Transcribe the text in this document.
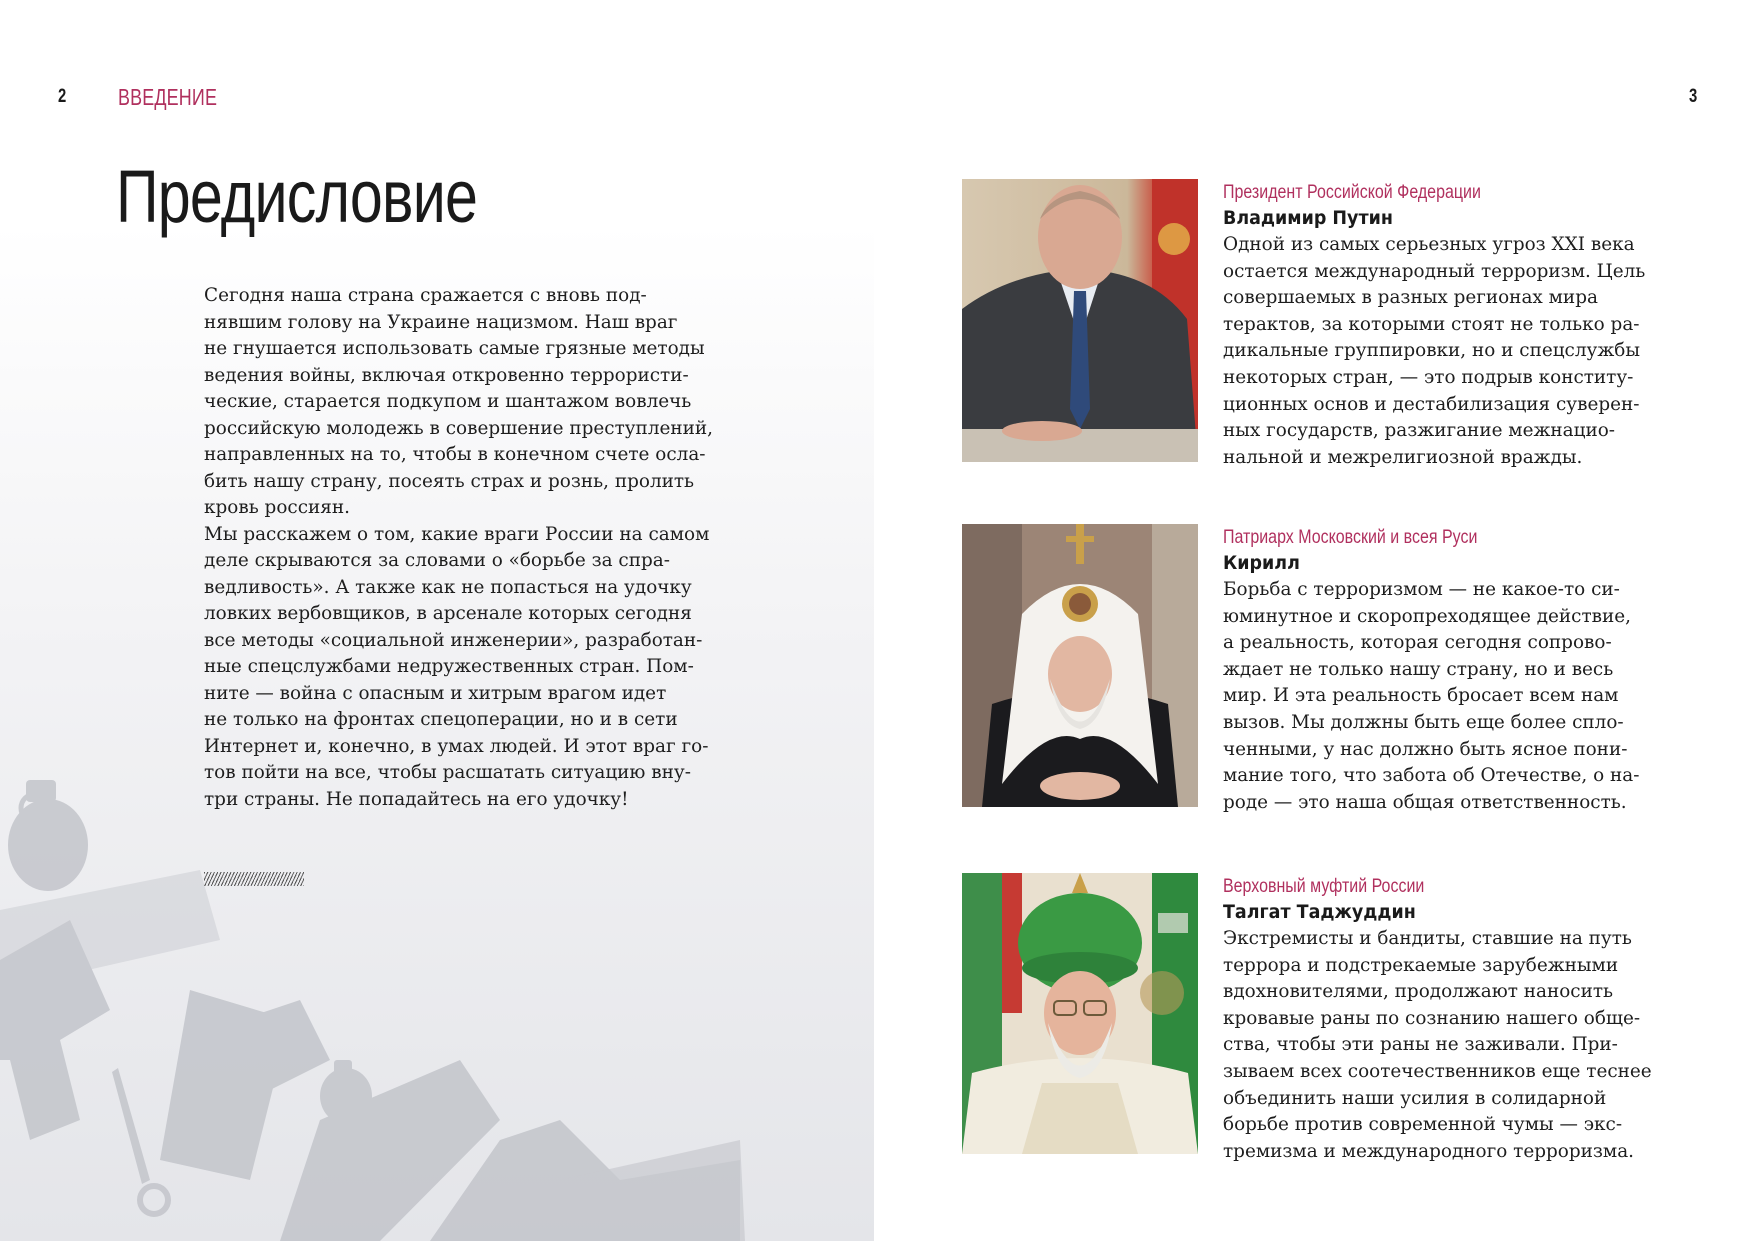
2 ВВЕДЕНИЕ
Предисловие

Сегодня наша страна сражается с вновь под-
нявшим голову на Украине нацизмом. Наш враг
не гнушается использовать самые грязные методы
ведения войны, включая откровенно террористи-
ческие, старается подкупом и шантажом вовлечь
российскую молодежь в совершение преступлений,
направленных на то, чтобы в конечном счете осла-
бить нашу страну, посеять страх и рознь, пролить
кровь россиян.

Мы расскажем о том, какие враги России на самом
деле скрываются за словами о «борьбе за спра-
ведливость». А также как не попасться на удочку
ловких вербовщиков, в арсенале которых сегодня
все методы «социальной инженерии», разработан-
ные спецслужбами недружественных стран. Пом-
ните — война с опасным и хитрым врагом идет
не только на фронтах спецоперации, но и в сети
Интернет и, конечно, в умах людей. И этот враг го-
тов пойти на все, чтобы расшатать ситуацию вну-
три страны. Не попадайтесь на его удочку!

3
Президент Российской Федерации
Владимир Путин

Одной из самых серьезных угроз XXI века
остается международный терроризм. Цель
совершаемых в разных регионах мира
терактов, за которыми стоят не только ра-
дикальные группировки, но и спецслужбы
некоторых стран, — это подрыв конститу-
ционных основ и дестабилизация суверен-
ных государств, разжигание межнацио-
нальной и межрелигиозной вражды.

Патриарх Московский и всея Руси
Кирилл

Борьба с терроризмом — не какое-то си-
юминутное и скоропреходящее действие,
а реальность, которая сегодня сопрово-
ждает не только нашу страну, но и весь
мир. И эта реальность бросает всем нам
вызов. Мы должны быть еще более спло-
ченными, у нас должно быть ясное пони-
мание того, что забота об Отечестве, о на-
роде — это наша общая ответственность.

Верховный муфтий России
Талгат Таджуддин

Экстремисты и бандиты, ставшие на путь
террора и подстрекаемые зарубежными
вдохновителями, продолжают наносить
кровавые раны по сознанию нашего обще-
ства, чтобы эти раны не заживали. При-
зываем всех соотечественников еще теснее
объединить наши усилия в солидарной
борьбе против современной чумы — экс-
тремизма и международного терроризма.
